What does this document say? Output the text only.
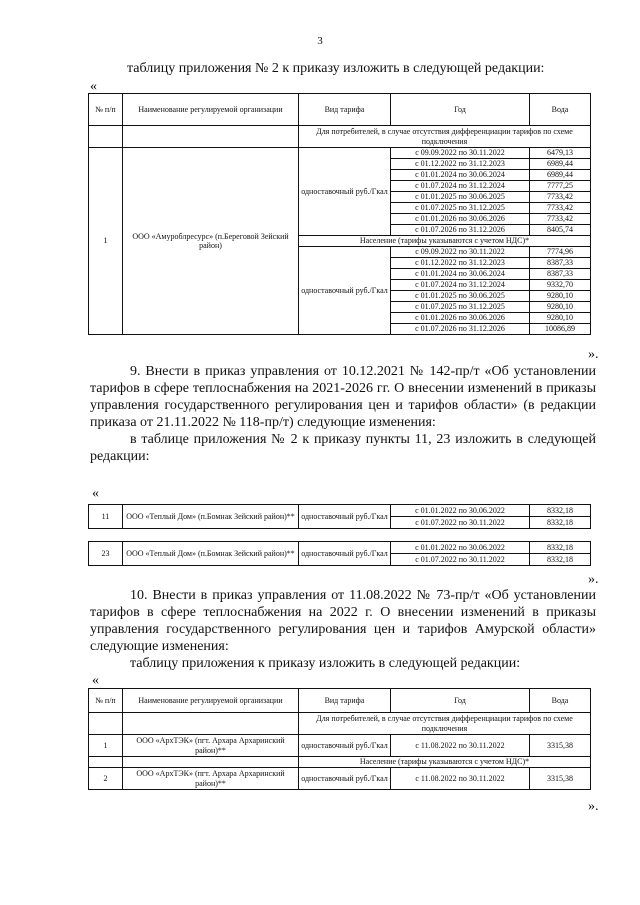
3
таблицу приложения № 2 к приказу изложить в следующей редакции:
«
№ п/п	Наименование регулируемой организации	Вид тарифа	Год	Вода
		Для потребителей, в случае отсутствия дифференциации тарифов по схеме подключения		
1	ООО «Амуроблресурс» (п.Береговой Зейский район)	одноставочный руб./Гкал	с 09.09.2022 по 30.11.2022	6479,13
			с 01.12.2022 по 31.12.2023	6989,44
			с 01.01.2024 по 30.06.2024	6989,44
			с 01.07.2024 по 31.12.2024	7777,25
			с 01.01.2025 по 30.06.2025	7733,42
			с 01.07.2025 по 31.12.2025	7733,42
			с 01.01.2026 по 30.06.2026	7733,42
			с 01.07.2026 по 31.12.2026	8405,74
		Население (тарифы указываются с учетом НДС)*		
		одноставочный руб./Гкал	с 09.09.2022 по 30.11.2022	7774,96
			с 01.12.2022 по 31.12.2023	8387,33
			с 01.01.2024 по 30.06.2024	8387,33
			с 01.07.2024 по 31.12.2024	9332,70
			с 01.01.2025 по 30.06.2025	9280,10
			с 01.07.2025 по 31.12.2025	9280,10
			с 01.01.2026 по 30.06.2026	9280,10
			с 01.07.2026 по 31.12.2026	10086,89
».

9. Внести в приказ управления от 10.12.2021 № 142-пр/т «Об установлении тарифов в сфере теплоснабжения на 2021-2026 гг. О внесении изменений в приказы управления государственного регулирования цен и тарифов области» (в редакции приказа от 21.11.2022 № 118-пр/т) следующие изменения:

в таблице приложения № 2 к приказу пункты 11, 23 изложить в следующей редакции:

«
11	ООО «Теплый Дом» (п.Бомнак Зейский район)**	одноставочный руб./Гкал	с 01.01.2022 по 30.06.2022	8332,18
			с 01.07.2022 по 30.11.2022	8332,18
23	ООО «Теплый Дом» (п.Бомнак Зейский район)**	одноставочный руб./Гкал	с 01.01.2022 по 30.06.2022	8332,18
			с 01.07.2022 по 30.11.2022	8332,18
».

10. Внести в приказ управления от 11.08.2022 № 73-пр/т «Об установлении тарифов в сфере теплоснабжения на 2022 г. О внесении изменений в приказы управления государственного регулирования цен и тарифов Амурской области» следующие изменения:

таблицу приложения к приказу изложить в следующей редакции:

«
№ п/п	Наименование регулируемой организации	Вид тарифа	Год	Вода
		Для потребителей, в случае отсутствия дифференциации тарифов по схеме подключения		
1	ООО «АрхТЭК» (пгт. Архара Архаринский район)**	одноставочный руб./Гкал	с 11.08.2022 по 30.11.2022	3315,38
		Население (тарифы указываются с учетом НДС)*		
2	ООО «АрхТЭК» (пгт. Архара Архаринский район)**	одноставочный руб./Гкал	с 11.08.2022 по 30.11.2022	3315,38
».
